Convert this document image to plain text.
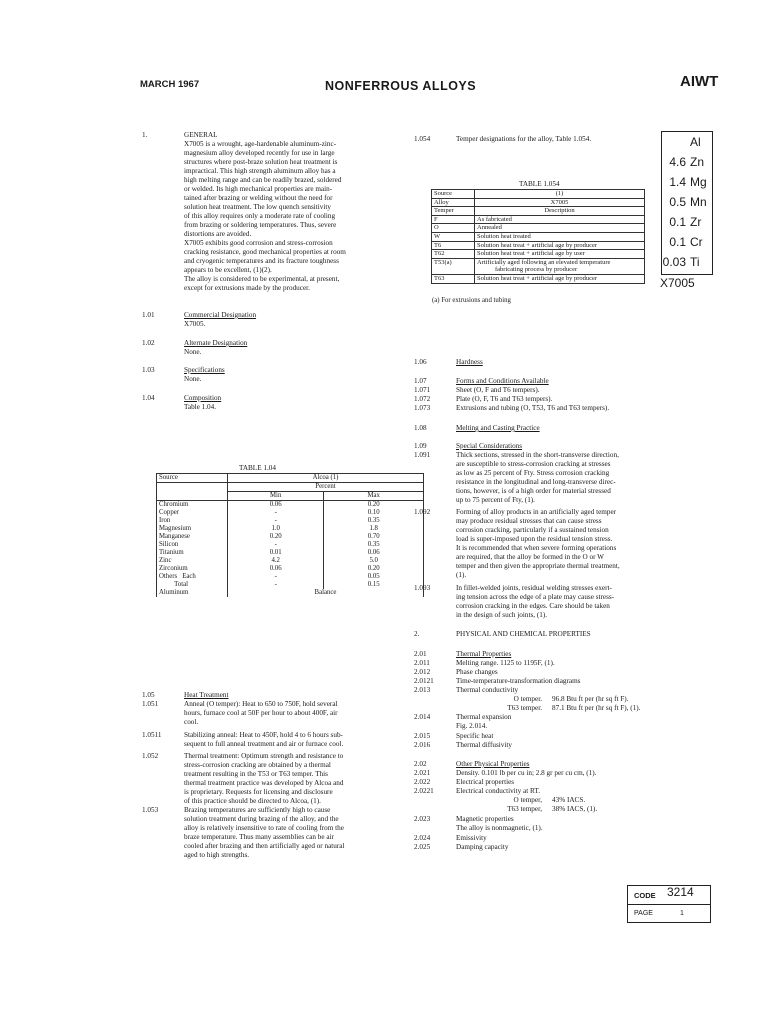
MARCH 1967	NONFERROUS ALLOYS	AIWT
Al
4.6 Zn
1.4 Mg
0.5 Mn
0.1 Zr
0.1 Cr
0.03 Ti
X7005
1.	GENERAL
X7005 is a wrought, age-hardenable aluminum-zinc-
magnesium alloy developed recently for use in large
structures where post-braze solution heat treatment is
impractical. This high strength aluminum alloy has a
high melting range and can be readily brazed, soldered
or welded. Its high mechanical properties are main-
tained after brazing or welding without the need for
solution heat treatment. The low quench sensitivity
of this alloy requires only a moderate rate of cooling
from brazing or soldering temperatures. Thus, severe
distortions are avoided.
X7005 exhibits good corrosion and stress-corrosion
cracking resistance, good mechanical properties at room
and cryogenic temperatures and its fracture toughness
appears to be excellent, (1)(2).
The alloy is considered to be experimental, at present,
except for extrusions made by the producer.
1.01	Commercial Designation
X7005.
1.02	Alternate Designation
None.
1.03	Specifications
None.
1.04	Composition
Table 1.04.
TABLE 1.04
Source	Alcoa (1)	
	Percent	
	Min	Max
Chromium	0.06	0.20
Copper	-	0.10
Iron	-	0.35
Magnesium	1.0	1.8
Manganese	0.20	0.70
Silicon	-	0.35
Titanium	0.01	0.06
Zinc	4.2	5.0
Zirconium	0.06	0.20
Others   Each	-	0.05
Total	-	0.15
Aluminum	Balance	
1.05	Heat Treatment
1.051	Anneal (O temper): Heat to 650 to 750F, hold several
hours, furnace cool at 50F per hour to about 400F, air
cool.
1.0511	Stabilizing anneal: Heat to 450F, hold 4 to 6 hours sub-
sequent to full anneal treatment and air or furnace cool.
1.052	Thermal treatment: Optimum strength and resistance to
stress-corrosion cracking are obtained by a thermal
treatment resulting in the T53 or T63 temper. This
thermal treatment practice was developed by Alcoa and
is proprietary. Requests for licensing and disclosure
of this practice should be directed to Alcoa, (1).
1.053	Brazing temperatures are sufficiently high to cause
solution treatment during brazing of the alloy, and the
alloy is relatively insensitive to rate of cooling from the
braze temperature. Thus many assemblies can be air
cooled after brazing and then artificially aged or natural
aged to high strengths.
1.054	Temper designations for the alloy, Table 1.054.
TABLE 1.054
Source	(1)
Alloy	X7005
Temper	Description
F	As fabricated
O	Annealed
W	Solution heat treated
T6	Solution heat treat + artificial age by producer
T62	Solution heat treat + artificial age by user
T53(a)	Artificially aged following an elevated temperature
	fabricating process by producer
T63	Solution heat treat + artificial age by producer
(a) For extrusions and tubing
1.06	Hardness
1.07	Forms and Conditions Available
1.071	Sheet (O, F and T6 tempers).
1.072	Plate (O, F, T6 and T63 tempers).
1.073	Extrusions and tubing (O, T53, T6 and T63 tempers).
1.08	Melting and Casting Practice
1.09	Special Considerations
1.091	Thick sections, stressed in the short-transverse direction,
are susceptible to stress-corrosion cracking at stresses
as low as 25 percent of Fty. Stress corrosion cracking
resistance in the longitudinal and long-transverse direc-
tions, however, is of a high order for material stressed
up to 75 percent of Fty, (1).
1.092	Forming of alloy products in an artificially aged temper
may produce residual stresses that can cause stress
corrosion cracking, particularly if a sustained tension
load is super-imposed upon the residual tension stress.
It is recommended that when severe forming operations
are required, that the alloy be formed in the O or W
temper and then given the appropriate thermal treatment,
(1).
1.093	In fillet-welded joints, residual welding stresses exert-
ing tension across the edge of a plate may cause stress-
corrosion cracking in the edges. Care should be taken
in the design of such joints, (1).
2.	PHYSICAL AND CHEMICAL PROPERTIES
2.01	Thermal Properties
2.011	Melting range. 1125 to 1195F, (1).
2.012	Phase changes
2.0121	Time-temperature-transformation diagrams
2.013	Thermal conductivity
O temper. 96.8 Btu ft per (hr sq ft F).
T63 temper. 87.1 Btu ft per (hr sq ft F), (1).
2.014	Thermal expansion
Fig. 2.014.
2.015	Specific heat
2.016	Thermal diffusivity
2.02	Other Physical Properties
2.021	Density. 0.101 lb per cu in; 2.8 gr per cu cm, (1).
2.022	Electrical properties
2.0221	Electrical conductivity at RT.
O temper, 43% IACS.
T63 temper, 38% IACS, (1).
2.023	Magnetic properties
The alloy is nonmagnetic, (1).
2.024	Emissivity
2.025	Damping capacity
CODE 3214
PAGE	1
